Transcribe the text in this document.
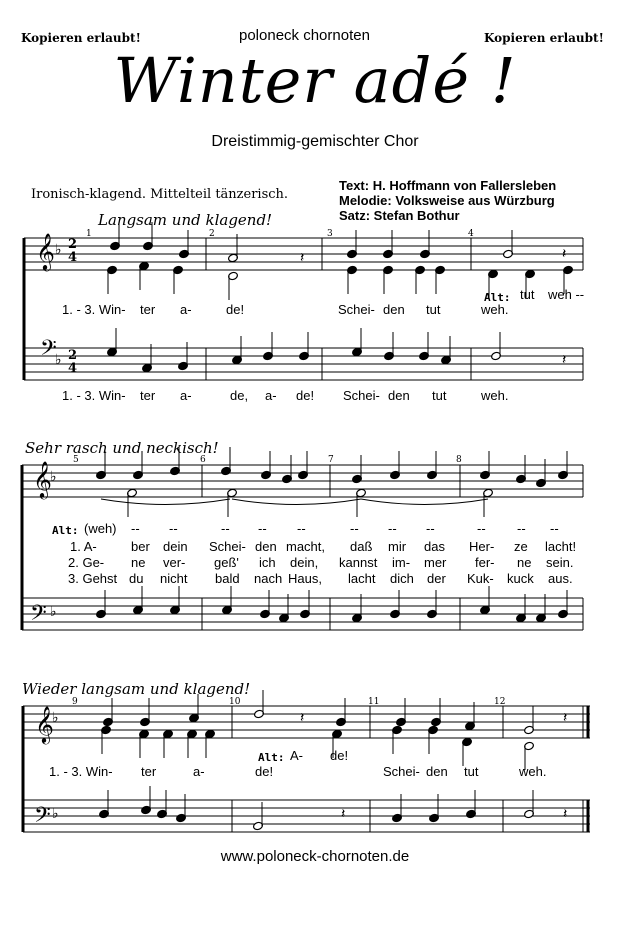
Kopieren erlaubt!	poloneck chornoten	Kopieren erlaubt!
Winter adé !
Dreistimmig-gemischter Chor
Ironisch-klagend. Mittelteil tänzerisch.
Text: H. Hoffmann von Fallersleben
Melodie: Volksweise aus Würzburg
Satz: Stefan Bothur
Langsam und klagend!
Sehr rasch und neckisch!
Wieder langsam und klagend!
♭
♭
♭
♭
♭
♭
𝄽	𝄽
𝄽
𝄽	𝄽
𝄽	𝄽
𝄞
𝄢
𝄞
𝄢
𝄞
𝄢
2
4
2
4
1	2	3	4
5	6	7	8
9	10	11	12
1. - 3. Win- ter a-	de!	Schei- den tut	weh.
Alt: tut weh --
1. - 3. Win- ter a-	de, a- de! Schei- den tut	weh.
Alt: (weh) -- --	-- -- --	-- -- --	-- -- --
1. A-	ber dein Schei- den macht, daß mir das Her- ze lacht!
2. Ge- ne ver- geß' ich dein, kannst im- mer fer- ne sein.
3. Gehst du nicht bald nach Haus, lacht dich der Kuk- kuck aus.
1. - 3. Win- ter	a-	de!	Schei- den tut	weh.
Alt: A- de!
www.poloneck-chornoten.de
